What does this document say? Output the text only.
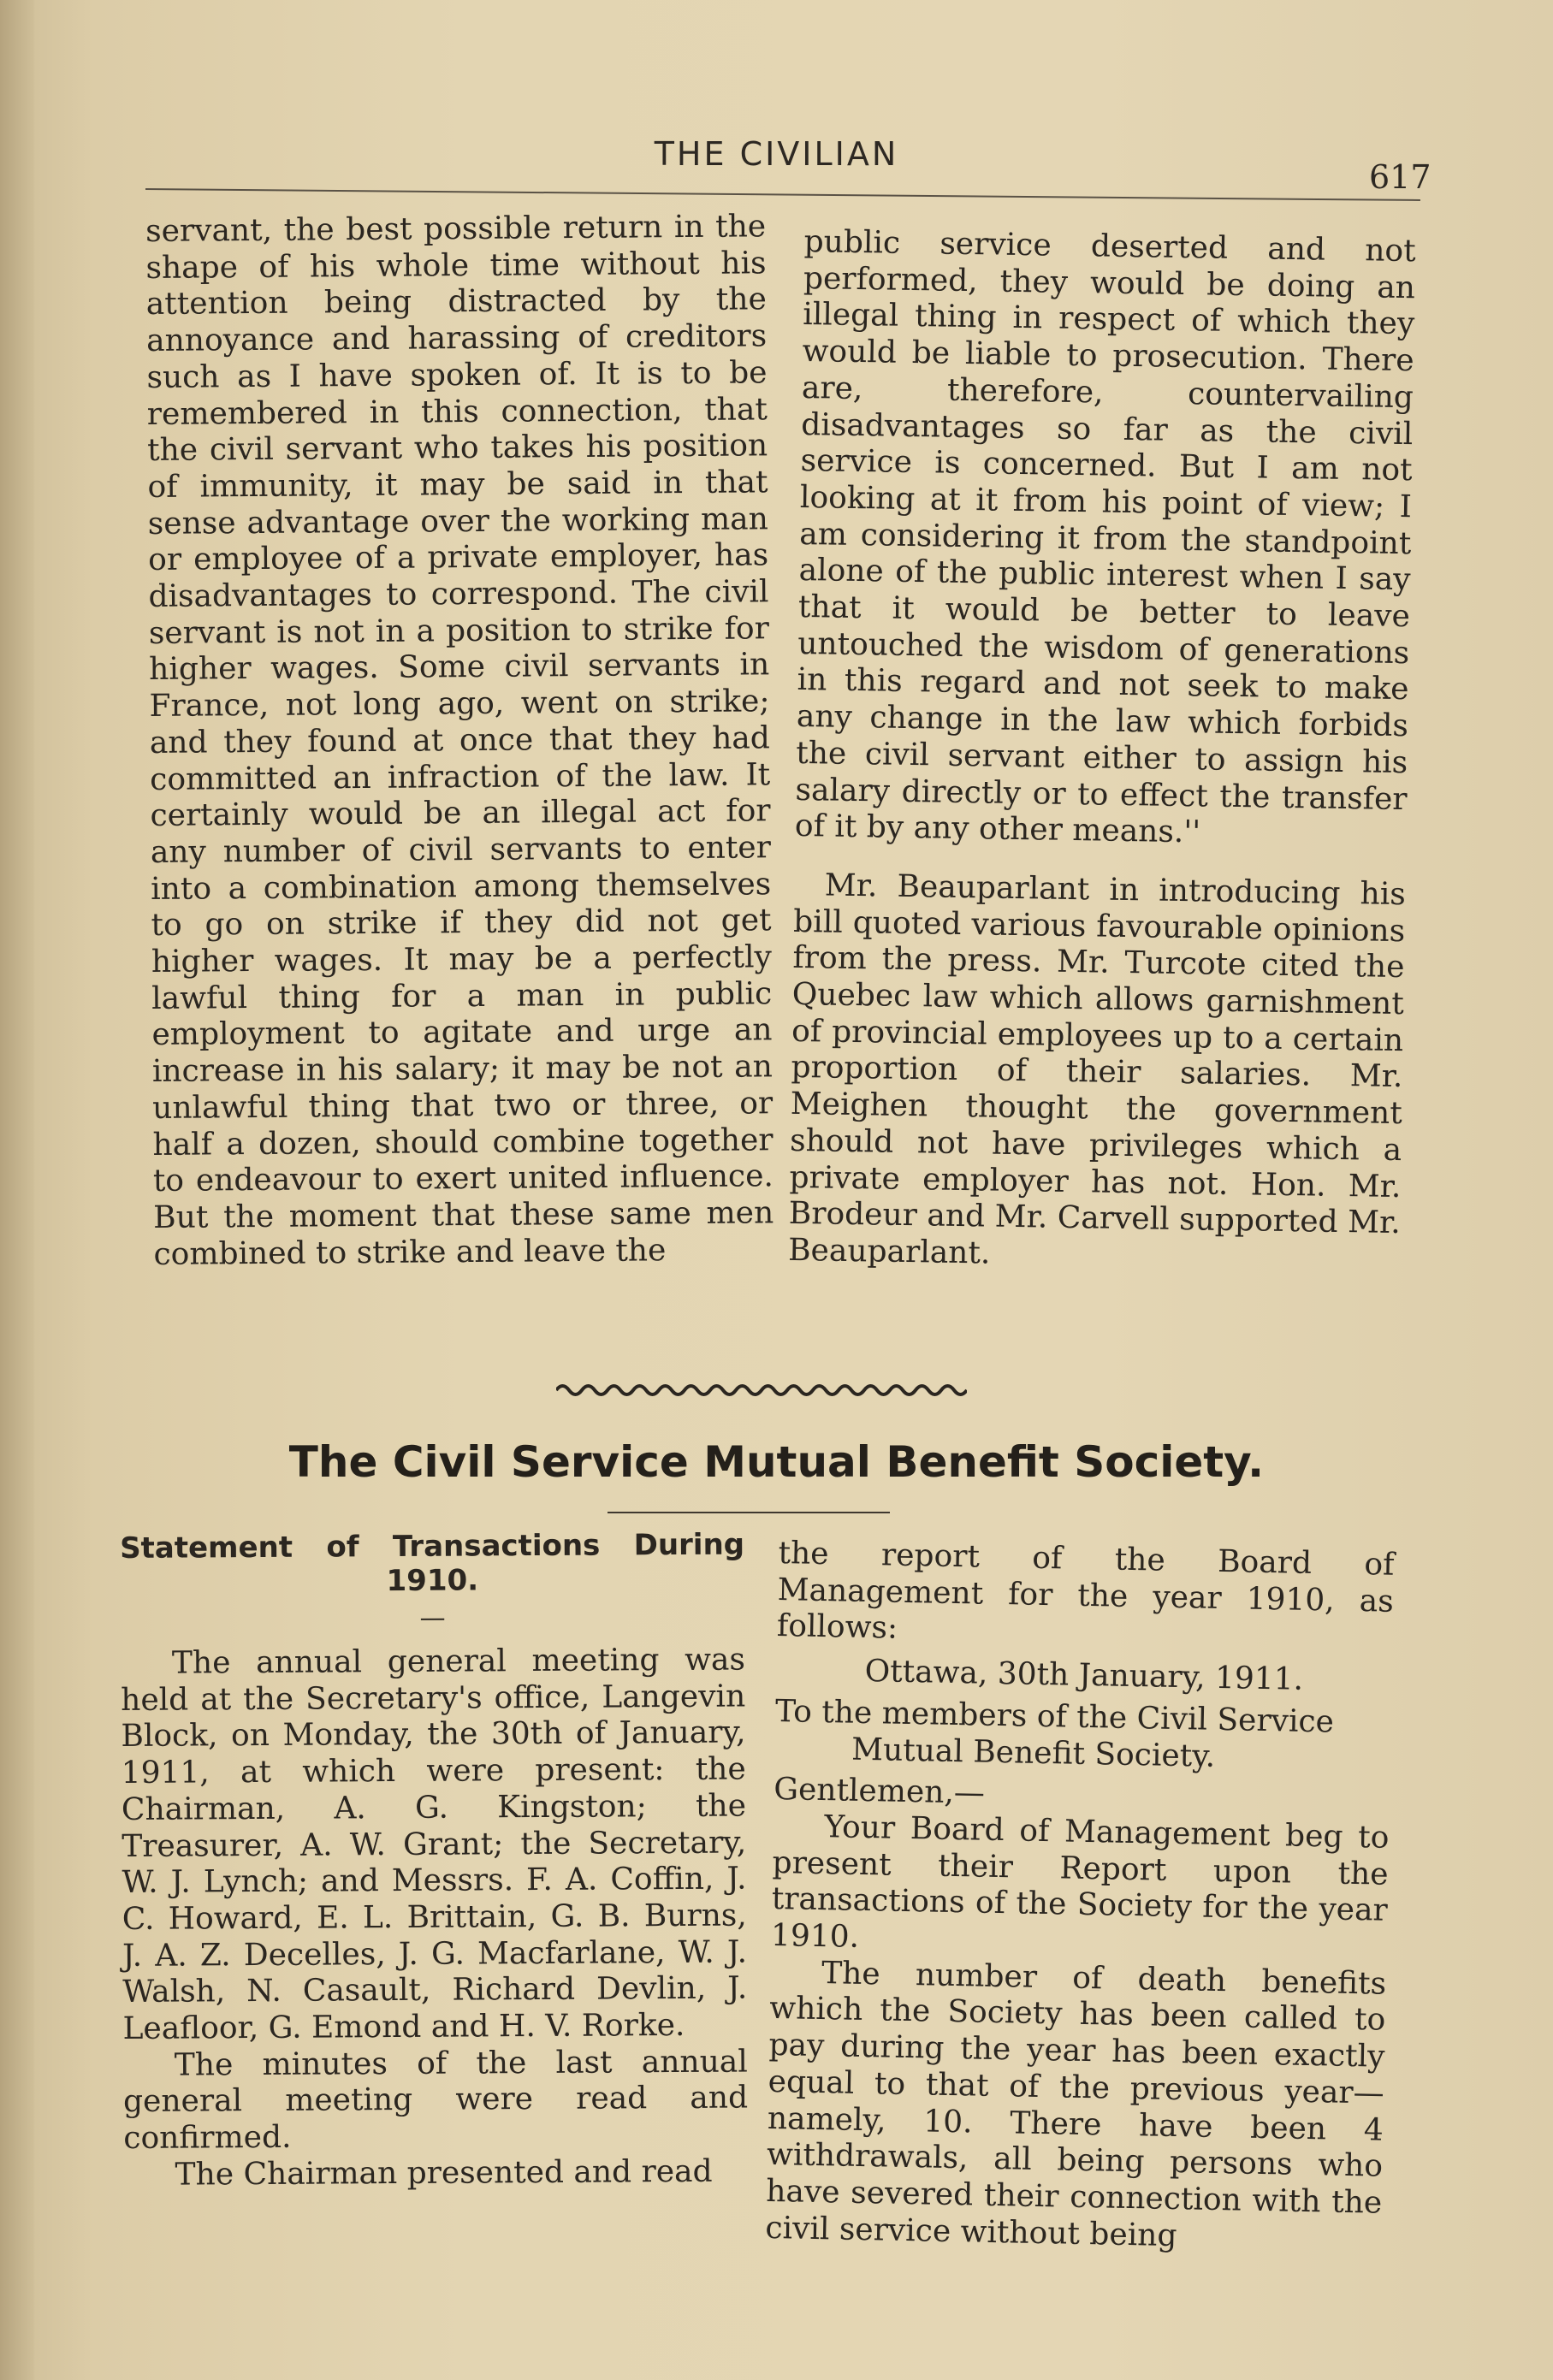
THE CIVILIAN
617

servant, the best possible return in the shape of his whole time without his attention being distracted by the annoyance and harassing of creditors such as I have spoken of. It is to be remembered in this connection, that the civil servant who takes his position of immunity, it may be said in that sense advantage over the working man or employee of a private employer, has disadvantages to correspond. The civil servant is not in a position to strike for higher wages. Some civil servants in France, not long ago, went on strike; and they found at once that they had committed an infraction of the law. It certainly would be an illegal act for any number of civil servants to enter into a combination among themselves to go on strike if they did not get higher wages. It may be a perfectly lawful thing for a man in public employment to agitate and urge an increase in his salary; it may be not an unlawful thing that two or three, or half a dozen, should combine together to endeavour to exert united influence. But the moment that these same men combined to strike and leave the

public service deserted and not performed, they would be doing an illegal thing in respect of which they would be liable to prosecution. There are, therefore, countervailing disadvantages so far as the civil service is concerned. But I am not looking at it from his point of view; I am considering it from the standpoint alone of the public interest when I say that it would be better to leave untouched the wisdom of generations in this regard and not seek to make any change in the law which forbids the civil servant either to assign his salary directly or to effect the transfer of it by any other means.''

Mr. Beauparlant in introducing his bill quoted various favourable opinions from the press. Mr. Turcote cited the Quebec law which allows garnishment of provincial employees up to a certain proportion of their salaries. Mr. Meighen thought the government should not have privileges which a private employer has not. Hon. Mr. Brodeur and Mr. Carvell supported Mr. Beauparlant.

The Civil Service Mutual Benefit Society.
Statement of Transactions During
1910.
—

The annual general meeting was held at the Secretary's office, Langevin Block, on Monday, the 30th of January, 1911, at which were present: the Chairman, A. G. Kingston; the Treasurer, A. W. Grant; the Secretary, W. J. Lynch; and Messrs. F. A. Coffin, J. C. Howard, E. L. Brittain, G. B. Burns, J. A. Z. Decelles, J. G. Macfarlane, W. J. Walsh, N. Casault, Richard Devlin, J. Leafloor, G. Emond and H. V. Rorke.

The minutes of the last annual general meeting were read and confirmed.

The Chairman presented and read

the report of the Board of Management for the year 1910, as follows:

Ottawa, 30th January, 1911.

To the members of the Civil Service

Mutual Benefit Society.

Gentlemen,—

Your Board of Management beg to present their Report upon the transactions of the Society for the year 1910.

The number of death benefits which the Society has been called to pay during the year has been exactly equal to that of the previous year—namely, 10. There have been 4 withdrawals, all being persons who have severed their connection with the civil service without being
